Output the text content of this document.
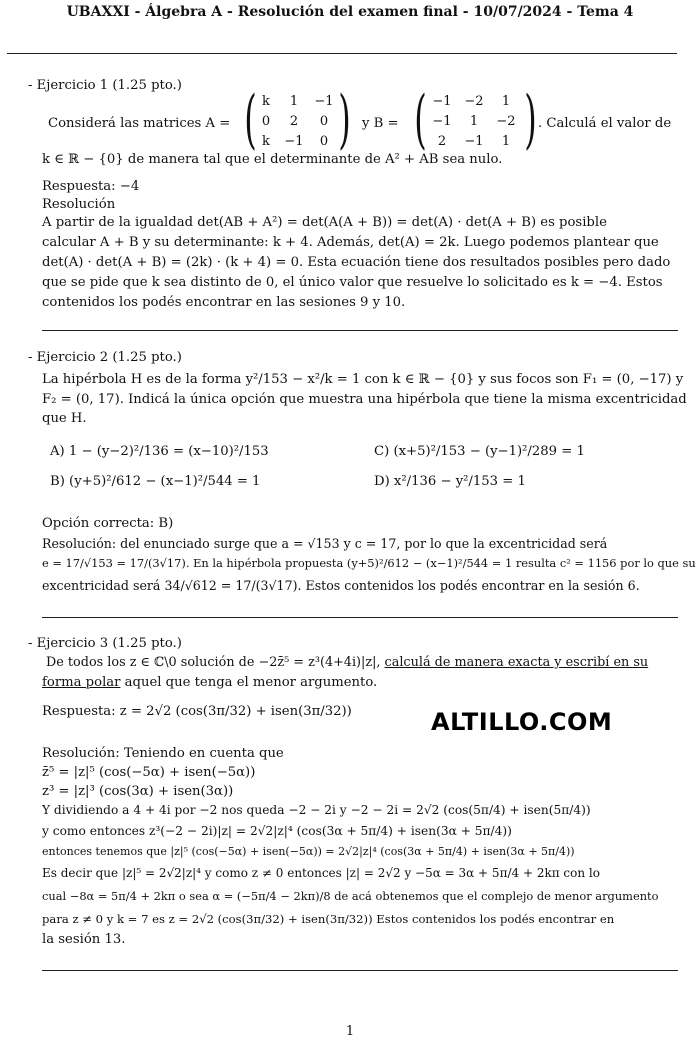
UBAXXI - Álgebra A - Resolución del examen final - 10/07/2024 - Tema 4
- Ejercicio 1 (1.25 pto.)
Considerá las matrices A = ( k	1	−1
0	2	0
k	−1	0 ) y B = ( −1 −2	1
−1	1	−2
2	−1	1 ) . Calculá el valor de
k ∈ ℝ − {0} de manera tal que el determinante de A² + AB sea nulo.
Respuesta: −4
Resolución
A partir de la igualdad det(AB + A²) = det(A(A + B)) = det(A) · det(A + B) es posible
calcular A + B y su determinante: k + 4. Además, det(A) = 2k. Luego podemos plantear que
det(A) · det(A + B) = (2k) · (k + 4) = 0. Esta ecuación tiene dos resultados posibles pero dado
que se pide que k sea distinto de 0, el único valor que resuelve lo solicitado es k = −4. Estos
contenidos los podés encontrar en las sesiones 9 y 10.
- Ejercicio 2 (1.25 pto.)
La hipérbola H es de la forma y²/153 − x²/k = 1 con k ∈ ℝ − {0} y sus focos son F₁ = (0, −17) y
F₂ = (0, 17). Indicá la única opción que muestra una hipérbola que tiene la misma excentricidad
que H.
A) 1 − (y−2)²/136 = (x−10)²/153
B) (y+5)²/612 − (x−1)²/544 = 1
C) (x+5)²/153 − (y−1)²/289 = 1
D) x²/136 − y²/153 = 1
Opción correcta: B)
Resolución: del enunciado surge que a = √153 y c = 17, por lo que la excentricidad será
e = 17/√153 = 17/(3√17). En la hipérbola propuesta (y+5)²/612 − (x−1)²/544 = 1 resulta c² = 1156 por lo que su
excentricidad será 34/√612 = 17/(3√17). Estos contenidos los podés encontrar en la sesión 6.
- Ejercicio 3 (1.25 pto.)
De todos los z ∈ ℂ\0 solución de −2z̄⁵ = z³(4+4i)|z|, calculá de manera exacta y escribí en su
forma polar aquel que tenga el menor argumento.
Respuesta: z = 2√2 (cos(3π/32) + isen(3π/32))	ALTILLO.COM
Resolución: Teniendo en cuenta que
z̄⁵ = |z|⁵ (cos(−5α) + isen(−5α))
z³ = |z|³ (cos(3α) + isen(3α))
Y dividiendo a 4 + 4i por −2 nos queda −2 − 2i y −2 − 2i = 2√2 (cos(5π/4) + isen(5π/4))
y como entonces z³(−2 − 2i)|z| = 2√2|z|⁴ (cos(3α + 5π/4) + isen(3α + 5π/4))
entonces tenemos que |z|⁵ (cos(−5α) + isen(−5α)) = 2√2|z|⁴ (cos(3α + 5π/4) + isen(3α + 5π/4))
Es decir que |z|⁵ = 2√2|z|⁴ y como z ≠ 0 entonces |z| = 2√2 y −5α = 3α + 5π/4 + 2kπ con lo
cual −8α = 5π/4 + 2kπ o sea α = (−5π/4 − 2kπ)/8 de acá obtenemos que el complejo de menor argumento
para z ≠ 0 y k = 7 es z = 2√2 (cos(3π/32) + isen(3π/32)) Estos contenidos los podés encontrar en
la sesión 13.
1
